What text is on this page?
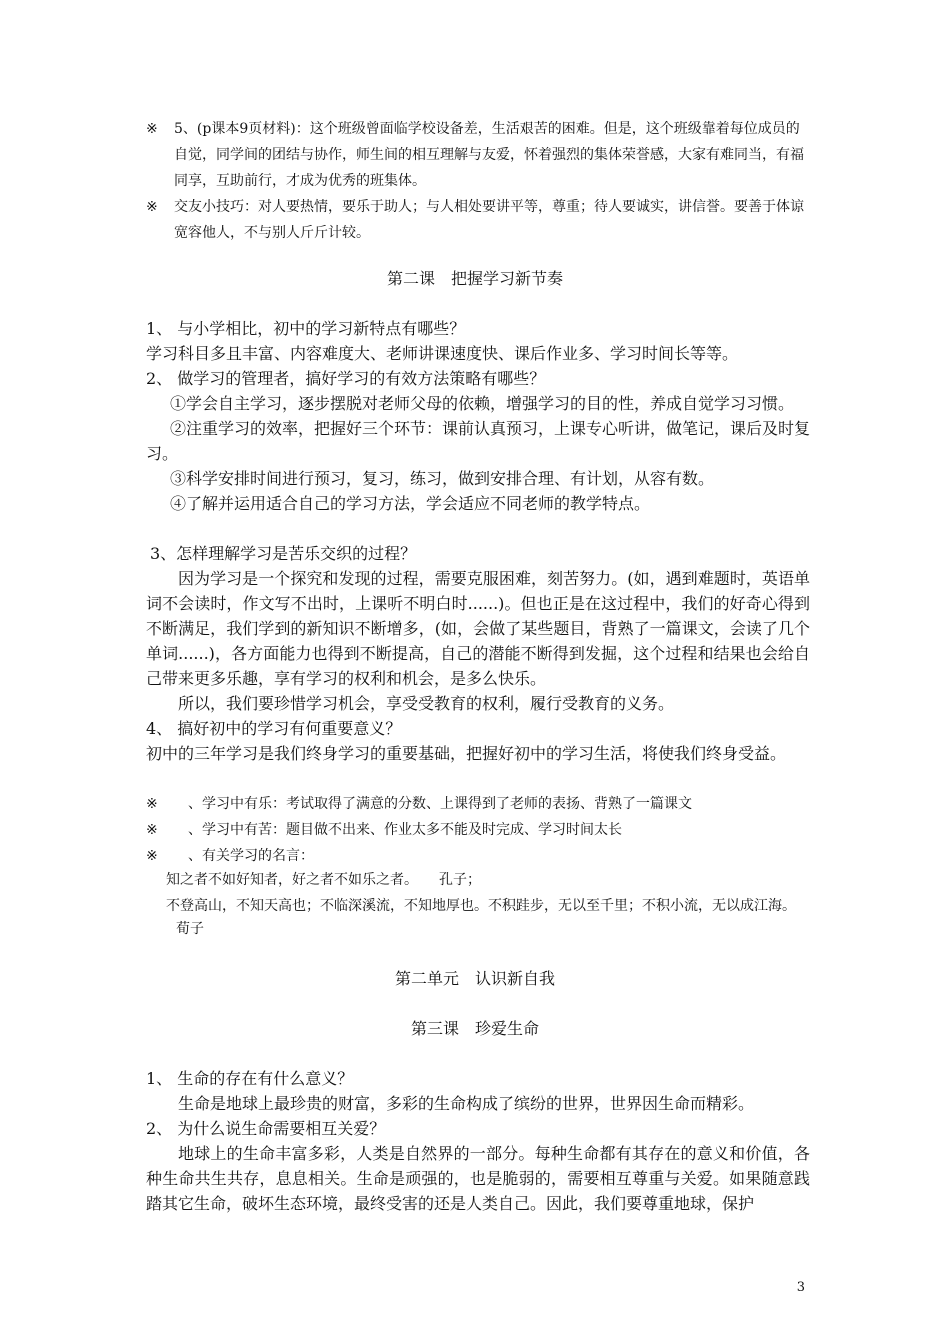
※ 5、(p课本9页材料)：这个班级曾面临学校设备差，生活艰苦的困难。但是，这个班级靠着每位成员的自觉，同学间的团结与协作，师生间的相互理解与友爱，怀着强烈的集体荣誉感，大家有难同当，有福同享，互助前行，才成为优秀的班集体。
※ 交友小技巧：对人要热情，要乐于助人；与人相处要讲平等，尊重；待人要诚实，讲信誉。要善于体谅宽容他人，不与别人斤斤计较。
第二课　把握学习新节奏
1、 与小学相比，初中的学习新特点有哪些？
学习科目多且丰富、内容难度大、老师讲课速度快、课后作业多、学习时间长等等。
2、 做学习的管理者，搞好学习的有效方法策略有哪些？
①学会自主学习，逐步摆脱对老师父母的依赖，增强学习的目的性，养成自觉学习习惯。
②注重学习的效率，把握好三个环节：课前认真预习，上课专心听讲，做笔记，课后及时复习。
③科学安排时间进行预习，复习，练习，做到安排合理、有计划，从容有数。
④了解并运用适合自己的学习方法，学会适应不同老师的教学特点。
3、怎样理解学习是苦乐交织的过程？
因为学习是一个探究和发现的过程，需要克服困难，刻苦努力。(如，遇到难题时，英语单词不会读时，作文写不出时，上课听不明白时......)。但也正是在这过程中，我们的好奇心得到不断满足，我们学到的新知识不断增多，(如，会做了某些题目，背熟了一篇课文，会读了几个单词......)，各方面能力也得到不断提高，自己的潜能不断得到发掘，这个过程和结果也会给自己带来更多乐趣，享有学习的权利和机会，是多么快乐。
所以，我们要珍惜学习机会，享受受教育的权利，履行受教育的义务。
4、 搞好初中的学习有何重要意义？
初中的三年学习是我们终身学习的重要基础，把握好初中的学习生活，将使我们终身受益。
※ 　、学习中有乐：考试取得了满意的分数、上课得到了老师的表扬、背熟了一篇课文
※ 　、学习中有苦：题目做不出来、作业太多不能及时完成、学习时间太长
※ 　、有关学习的名言：
知之者不如好知者，好之者不如乐之者。　　孔子；
不登高山，不知天高也；不临深溪流，不知地厚也。不积跬步，无以至千里；不积小流，无以成江海。
荀子
第二单元　认识新自我
第三课　珍爱生命
1、 生命的存在有什么意义？
生命是地球上最珍贵的财富，多彩的生命构成了缤纷的世界，世界因生命而精彩。
2、 为什么说生命需要相互关爱？
地球上的生命丰富多彩，人类是自然界的一部分。每种生命都有其存在的意义和价值，各种生命共生共存，息息相关。生命是顽强的，也是脆弱的，需要相互尊重与关爱。如果随意践踏其它生命，破坏生态环境，最终受害的还是人类自己。因此，我们要尊重地球，保护
3
